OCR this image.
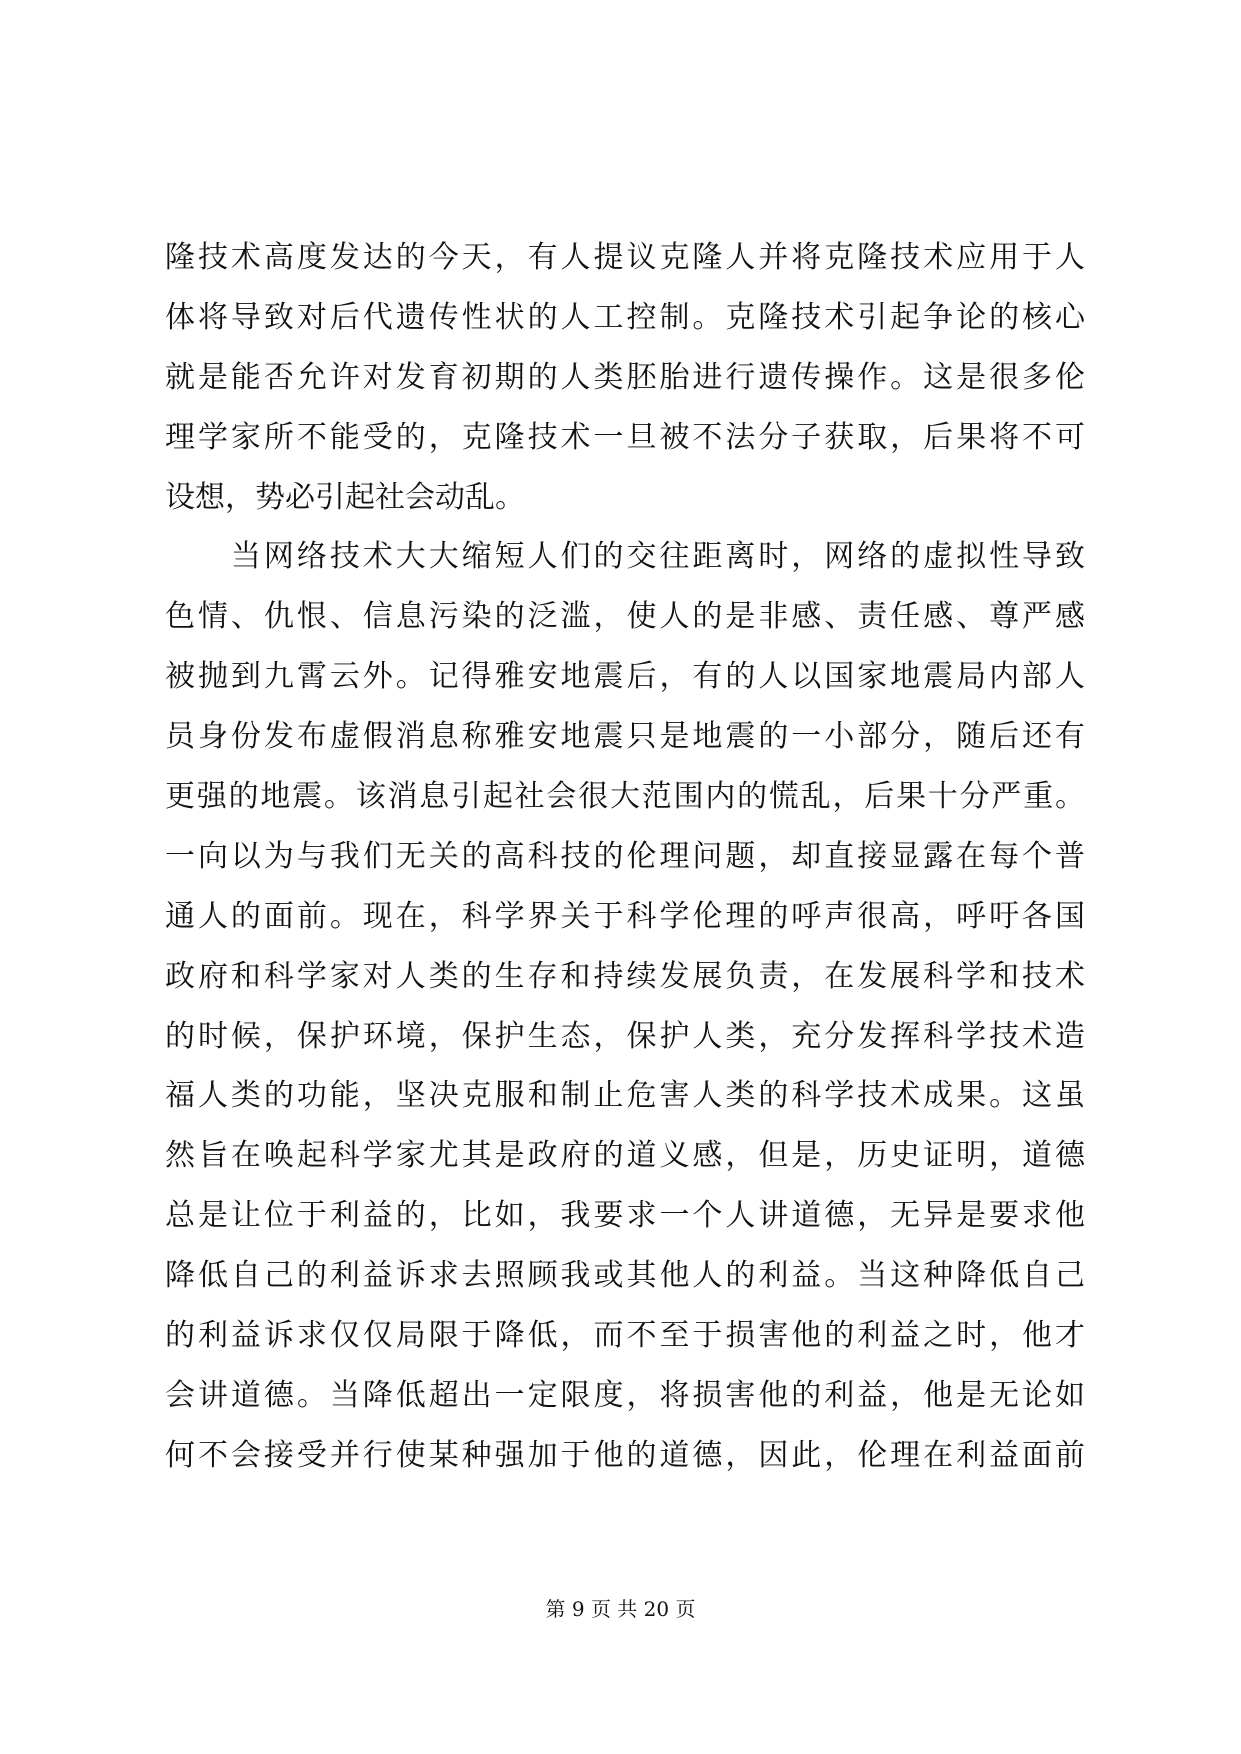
隆技术高度发达的今天，有人提议克隆人并将克隆技术应用于人
体将导致对后代遗传性状的人工控制。克隆技术引起争论的核心
就是能否允许对发育初期的人类胚胎进行遗传操作。这是很多伦
理学家所不能受的，克隆技术一旦被不法分子获取，后果将不可
设想，势必引起社会动乱。
　　当网络技术大大缩短人们的交往距离时，网络的虚拟性导致
色情、仇恨、信息污染的泛滥，使人的是非感、责任感、尊严感
被抛到九霄云外。记得雅安地震后，有的人以国家地震局内部人
员身份发布虚假消息称雅安地震只是地震的一小部分，随后还有
更强的地震。该消息引起社会很大范围内的慌乱，后果十分严重。
一向以为与我们无关的高科技的伦理问题，却直接显露在每个普
通人的面前。现在，科学界关于科学伦理的呼声很高，呼吁各国
政府和科学家对人类的生存和持续发展负责，在发展科学和技术
的时候，保护环境，保护生态，保护人类，充分发挥科学技术造
福人类的功能，坚决克服和制止危害人类的科学技术成果。这虽
然旨在唤起科学家尤其是政府的道义感，但是，历史证明，道德
总是让位于利益的，比如，我要求一个人讲道德，无异是要求他
降低自己的利益诉求去照顾我或其他人的利益。当这种降低自己
的利益诉求仅仅局限于降低，而不至于损害他的利益之时，他才
会讲道德。当降低超出一定限度，将损害他的利益，他是无论如
何不会接受并行使某种强加于他的道德，因此，伦理在利益面前
第 9 页 共 20 页
